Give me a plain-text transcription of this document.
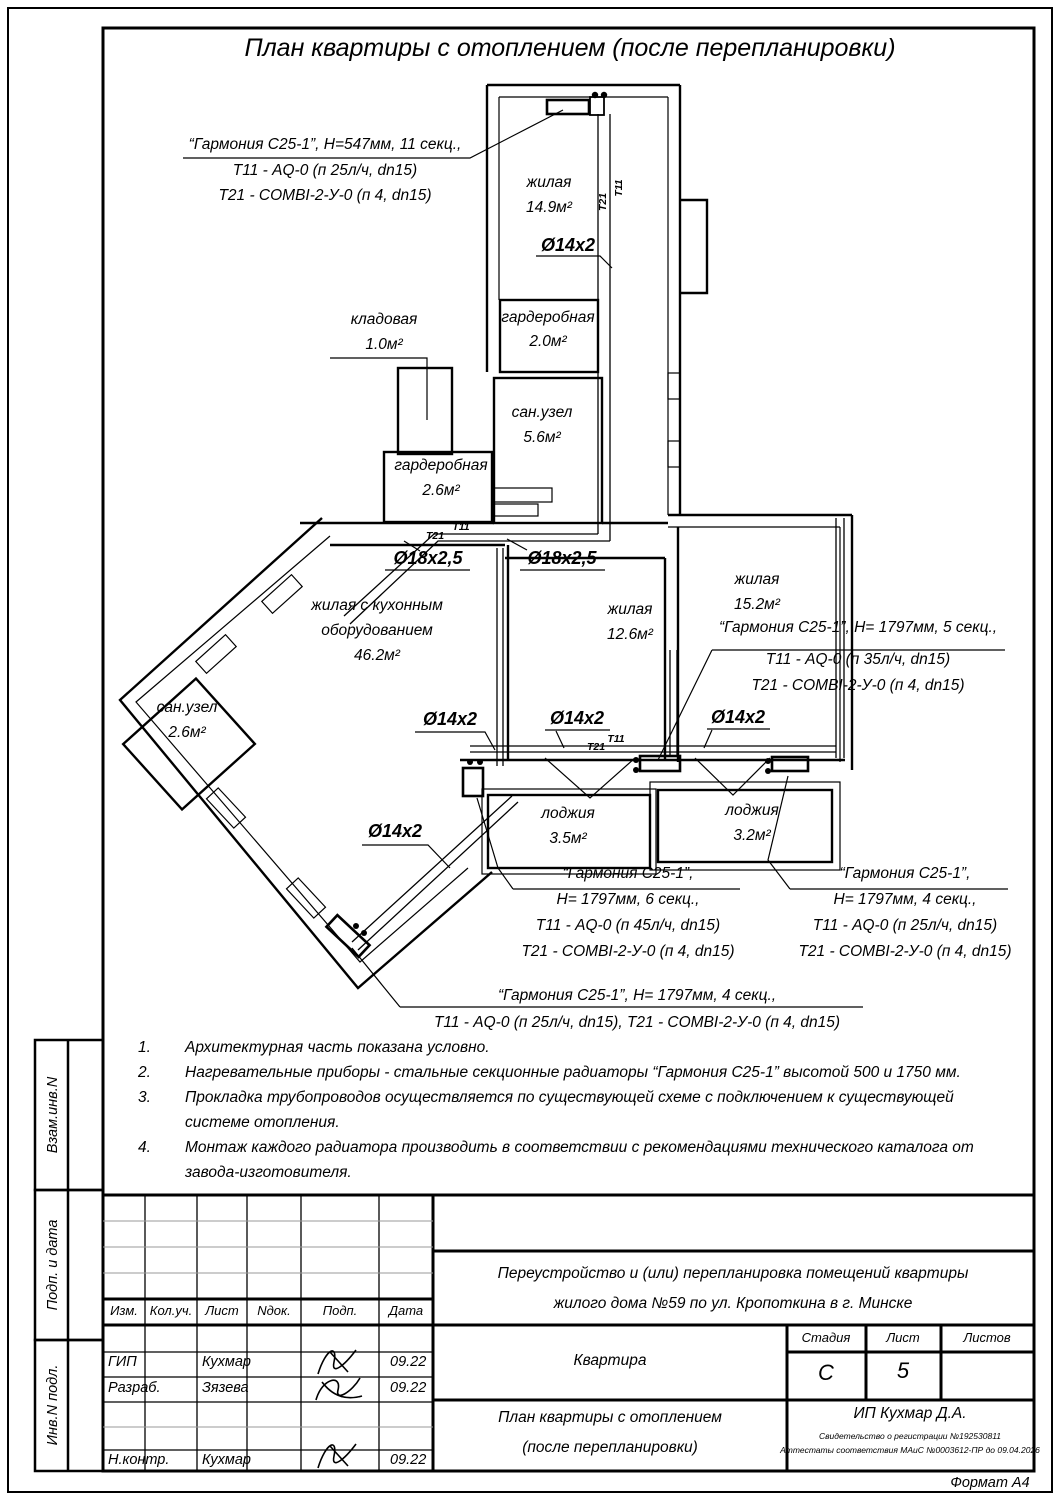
План квартиры с отоплением (после перепланировки)
“Гармония С25-1”, Н=547мм, 11 секц.,
Т11 - AQ-0 (п 25л/ч, dn15)
Т21 - COMBI-2-У-0 (п 4, dn15)
жилая
14.9м²
гардеробная
2.0м²
кладовая
1.0м²
сан.узел
5.6м²
гардеробная
2.6м²
жилая с кухонным
оборудованием
46.2м²
жилая
12.6м²
жилая
15.2м²
сан.узел
2.6м²
лоджия
3.5м²
лоджия
3.2м²
Ø14x2
Ø18x2,5	Ø18x2,5
Ø14x2	Ø14x2	Ø14x2
Ø14x2
Т11
Т21
Т21
Т11
Т21
Т11
“Гармония С25-1”, Н= 1797мм, 5 секц.,
Т11 - AQ-0 (п 35л/ч, dn15)
Т21 - COMBI-2-У-0 (п 4, dn15)
“Гармония С25-1”,
Н= 1797мм, 6 секц.,
Т11 - AQ-0 (п 45л/ч, dn15)
Т21 - COMBI-2-У-0 (п 4, dn15)
“Гармония С25-1”,
Н= 1797мм, 4 секц.,
Т11 - AQ-0 (п 25л/ч, dn15)
Т21 - COMBI-2-У-0 (п 4, dn15)
“Гармония С25-1”, Н= 1797мм, 4 секц.,
Т11 - AQ-0 (п 25л/ч, dn15), Т21 - COMBI-2-У-0 (п 4, dn15)
1. Архитектурная часть показана условно.
2. Нагревательные приборы - стальные секционные радиаторы “Гармония С25-1” высотой 500 и 1750 мм.
3. Прокладка трубопроводов осуществляется по существующей схеме с подключением к существующей
системе отопления.
4. Монтаж каждого радиатора производить в соответствии с рекомендациями технического каталога от
завода-изготовителя.
Взам.инв.N
Подп. и дата
Инв.N подл.
Изм. Кол.уч. Лист Nдок. Подп. Дата
ГИП	Кухмар	09.22
Разраб.	Зязева	09.22
Н.контр. Кухмар	09.22
Переустройство и (или) перепланировка помещений квартиры
жилого дома №59 по ул. Кропоткина в г. Минске
Квартира
Стадия	Лист	Листов
С	5
План квартиры с отоплением
(после перепланировки)
ИП Кухмар Д.А.
Свидетельство о регистрации №192530811
Аттестаты соответствия МАиС №0003612-ПР до 09.04.2026
Формат А4
